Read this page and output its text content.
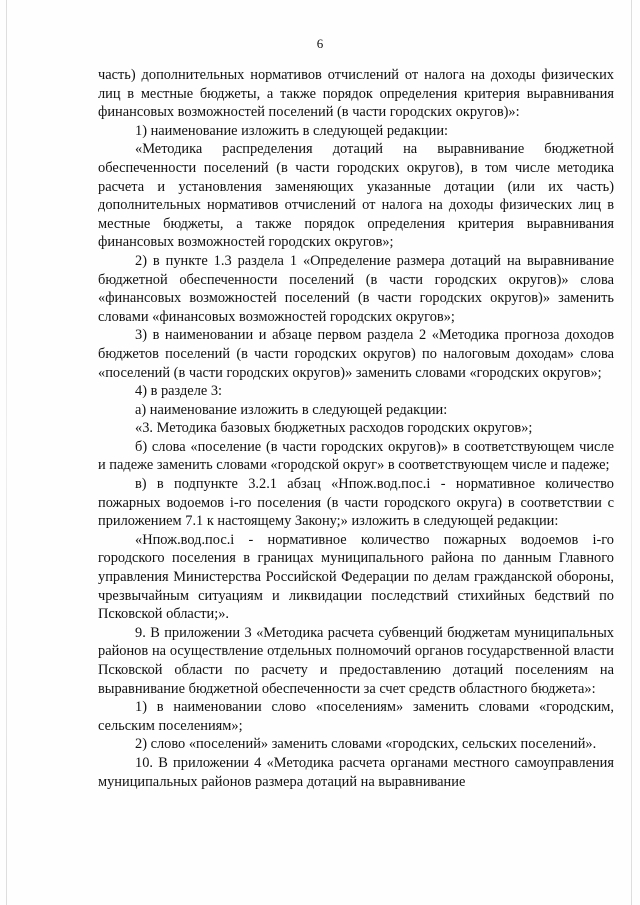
6

часть) дополнительных нормативов отчислений от налога на доходы физических лиц в местные бюджеты, а также порядок определения критерия выравнивания финансовых возможностей поселений (в части городских округов)»:

1) наименование изложить в следующей редакции:

«Методика распределения дотаций на выравнивание бюджетной обеспеченности поселений (в части городских округов), в том числе методика расчета и установления заменяющих указанные дотации (или их часть) дополнительных нормативов отчислений от налога на доходы физических лиц в местные бюджеты, а также порядок определения критерия выравнивания финансовых возможностей городских округов»;

2) в пункте 1.3 раздела 1 «Определение размера дотаций на выравнивание бюджетной обеспеченности поселений (в части городских округов)» слова «финансовых возможностей поселений (в части городских округов)» заменить словами «финансовых возможностей городских округов»;

3) в наименовании и абзаце первом раздела 2 «Методика прогноза доходов бюджетов поселений (в части городских округов) по налоговым доходам» слова «поселений (в части городских округов)» заменить словами «городских округов»;

4) в разделе 3:

а) наименование изложить в следующей редакции:

«3. Методика базовых бюджетных расходов городских округов»;

б) слова «поселение (в части городских округов)» в соответствующем числе и падеже заменить словами «городской округ» в соответствующем числе и падеже;

в) в подпункте 3.2.1 абзац «Нпож.вод.пос.i - нормативное количество пожарных водоемов i-го поселения (в части городского округа) в соответствии с приложением 7.1 к настоящему Закону;» изложить в следующей редакции:

«Нпож.вод.пос.i - нормативное количество пожарных водоемов i-го городского поселения в границах муниципального района по данным Главного управления Министерства Российской Федерации по делам гражданской обороны, чрезвычайным ситуациям и ликвидации последствий стихийных бедствий по Псковской области;».

9. В приложении 3 «Методика расчета субвенций бюджетам муниципальных районов на осуществление отдельных полномочий органов государственной власти Псковской области по расчету и предоставлению дотаций поселениям на выравнивание бюджетной обеспеченности за счет средств областного бюджета»:

1) в наименовании слово «поселениям» заменить словами «городским, сельским поселениям»;

2) слово «поселений» заменить словами «городских, сельских поселений».

10. В приложении 4 «Методика расчета органами местного самоуправления муниципальных районов размера дотаций на выравнивание
